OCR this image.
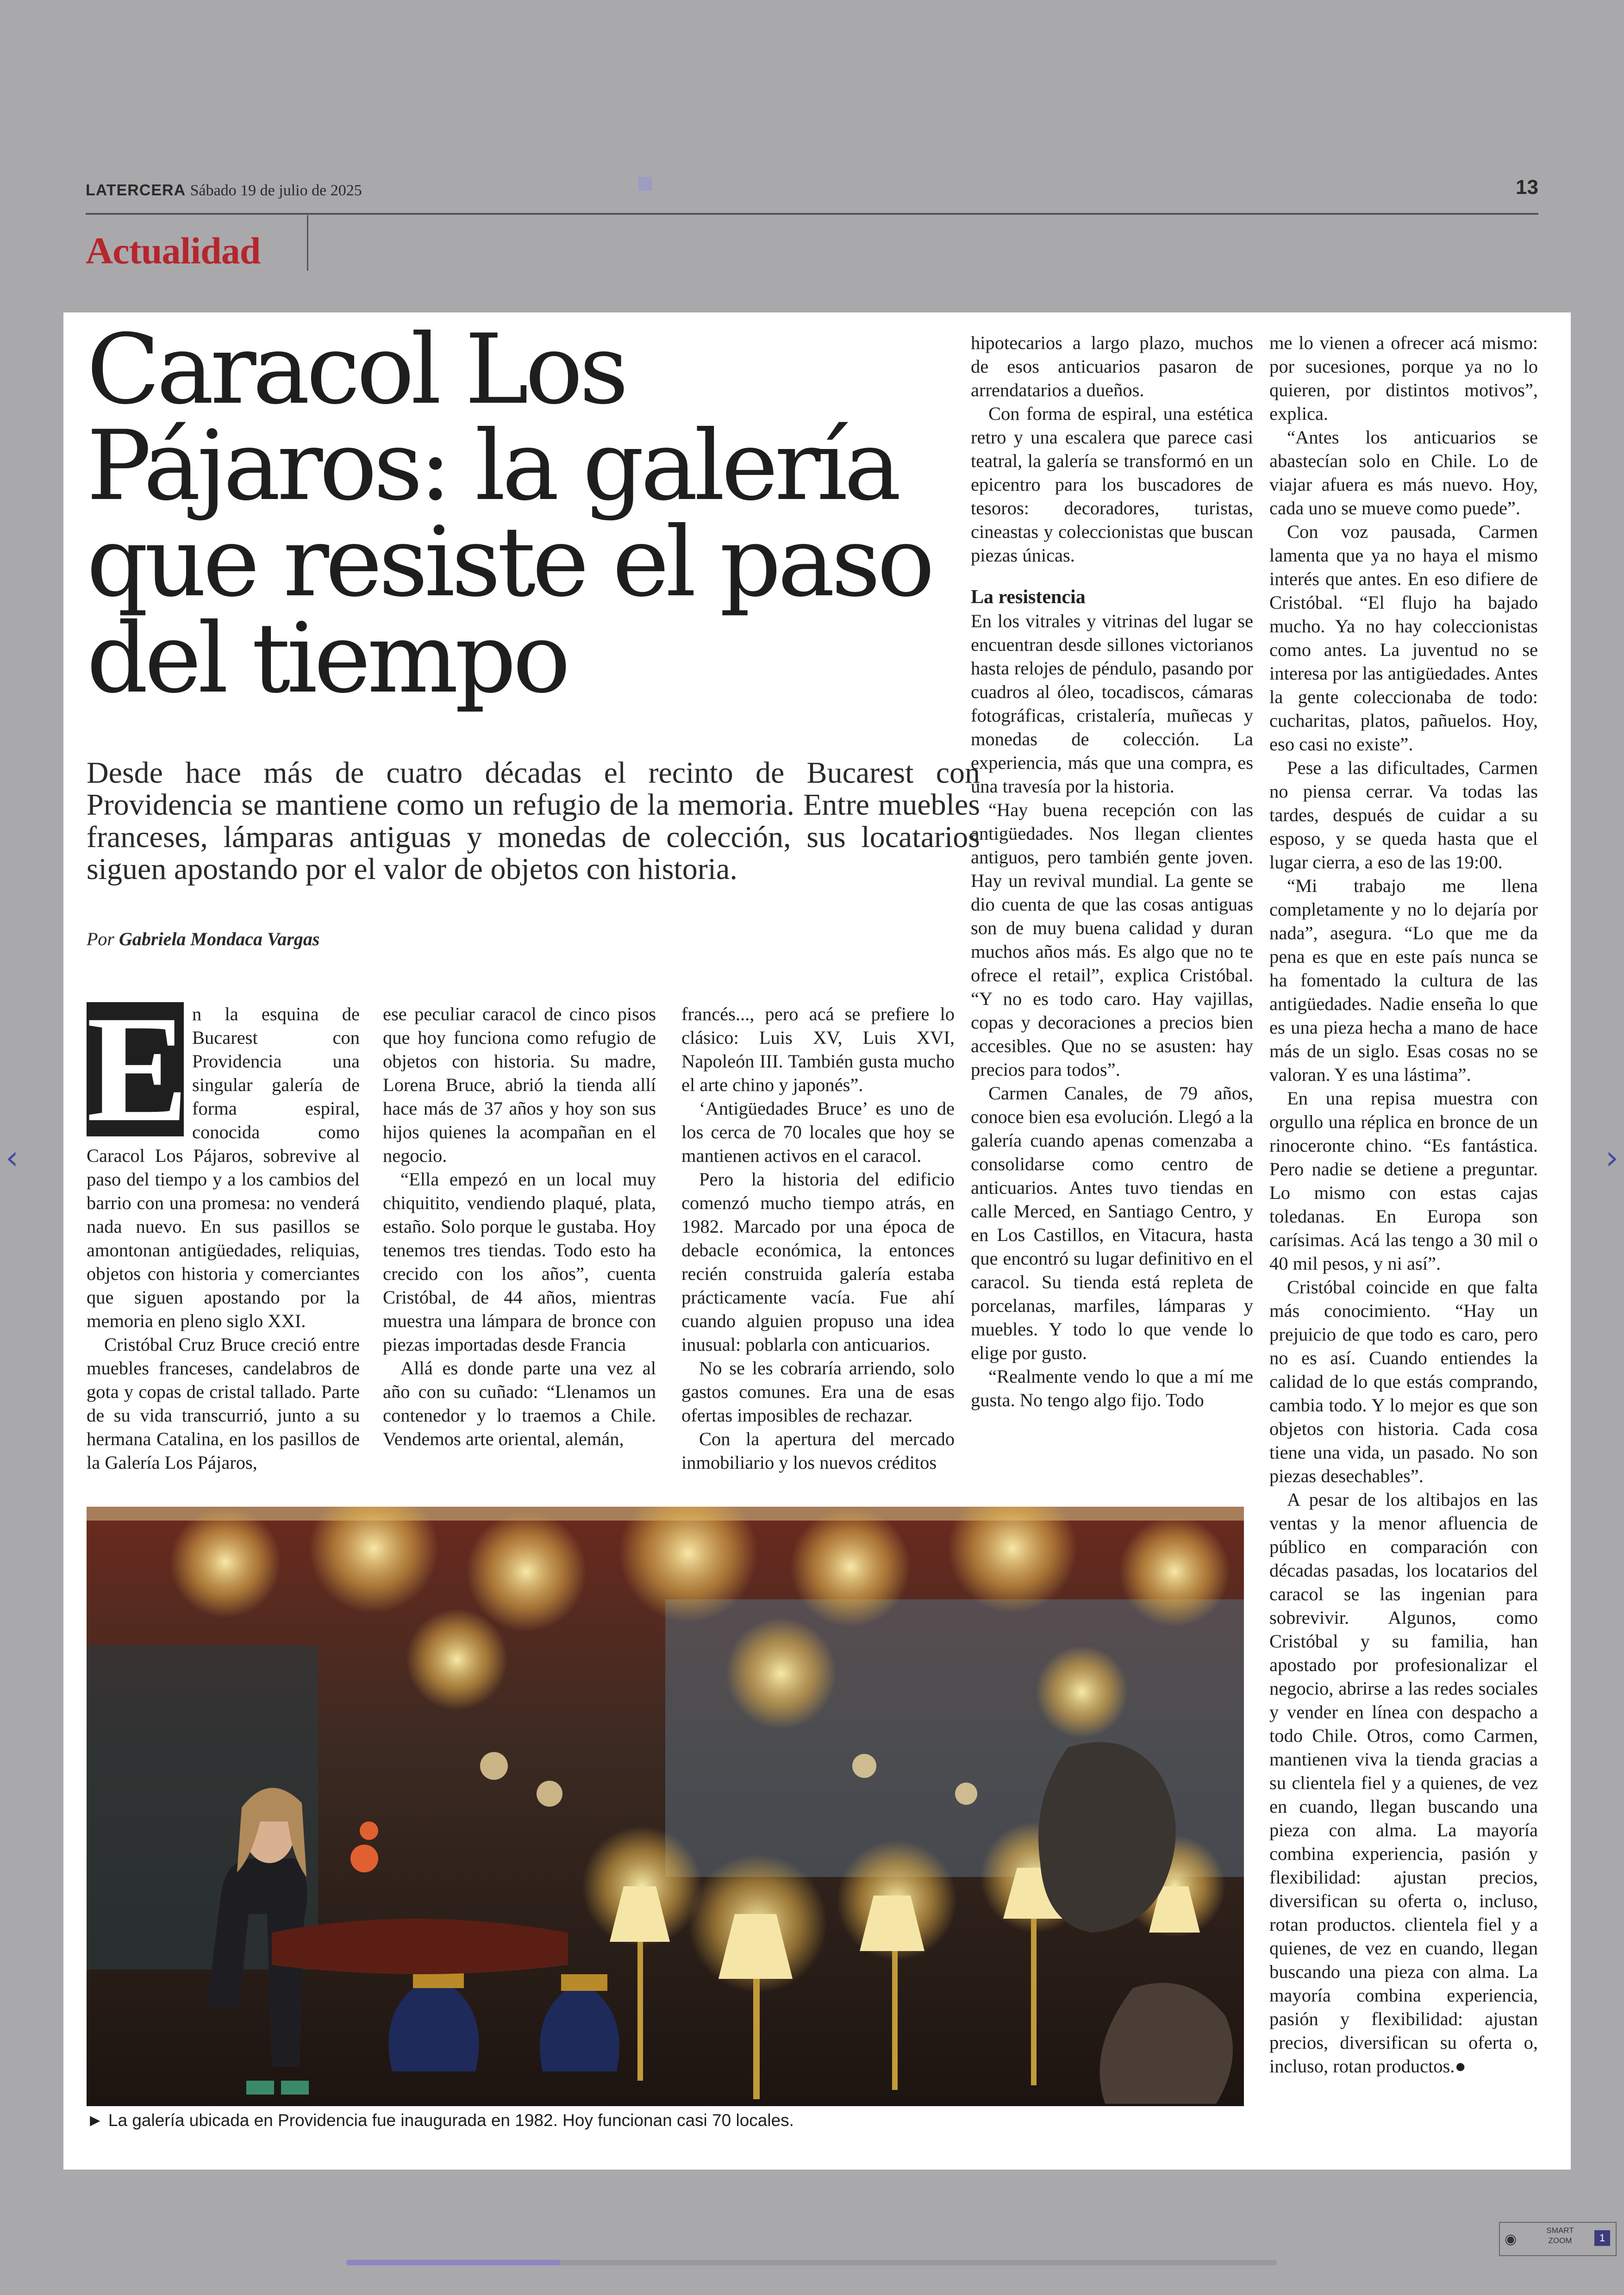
LATERCERA Sábado 19 de julio de 2025	13
Actualidad
Caracol Los Pájaros: la galería que resiste el paso del tiempo

Desde hace más de cuatro décadas el recinto de Bucarest con Providencia se mantiene como un refugio de la memoria. Entre muebles franceses, lámparas antiguas y monedas de colección, sus locatarios siguen apostando por el valor de objetos con historia.

Por Gabriela Mondaca Vargas
E n la esquina de Bucarest con Providencia una singular galería de forma espiral, conocida como Caracol Los Pájaros, sobrevive al paso del tiempo y a los cambios del barrio con una promesa: no venderá nada nuevo. En sus pasillos se amontonan antigüedades, reliquias, objetos con historia y comerciantes que siguen apostando por la memoria en pleno siglo XXI.

Cristóbal Cruz Bruce creció entre muebles franceses, candelabros de gota y copas de cristal tallado. Parte de su vida transcurrió, junto a su hermana Catalina, en los pasillos de la Galería Los Pájaros,

ese peculiar caracol de cinco pisos que hoy funciona como refugio de objetos con historia. Su madre, Lorena Bruce, abrió la tienda allí hace más de 37 años y hoy son sus hijos quienes la acompañan en el negocio.

“Ella empezó en un local muy chiquitito, vendiendo plaqué, plata, estaño. Solo porque le gustaba. Hoy tenemos tres tiendas. Todo esto ha crecido con los años”, cuenta Cristóbal, de 44 años, mientras muestra una lámpara de bronce con piezas importadas desde Francia

Allá es donde parte una vez al año con su cuñado: “Llenamos un contenedor y lo traemos a Chile. Vendemos arte oriental, alemán,

francés..., pero acá se prefiere lo clásico: Luis XV, Luis XVI, Napoleón III. También gusta mucho el arte chino y japonés”.

‘Antigüedades Bruce’ es uno de los cerca de 70 locales que hoy se mantienen activos en el caracol.

Pero la historia del edificio comenzó mucho tiempo atrás, en 1982. Marcado por una época de debacle económica, la entonces recién construida galería estaba prácticamente vacía. Fue ahí cuando alguien propuso una idea inusual: poblarla con anticuarios.

No se les cobraría arriendo, solo gastos comunes. Era una de esas ofertas imposibles de rechazar.

Con la apertura del mercado inmobiliario y los nuevos créditos

hipotecarios a largo plazo, muchos de esos anticuarios pasaron de arrendatarios a dueños.

Con forma de espiral, una estética retro y una escalera que parece casi teatral, la galería se transformó en un epicentro para los buscadores de tesoros: decoradores, turistas, cineastas y coleccionistas que buscan piezas únicas.

La resistencia

En los vitrales y vitrinas del lugar se encuentran desde sillones victorianos hasta relojes de péndulo, pasando por cuadros al óleo, tocadiscos, cámaras fotográficas, cristalería, muñecas y monedas de colección. La experiencia, más que una compra, es una travesía por la historia.

“Hay buena recepción con las antigüedades. Nos llegan clientes antiguos, pero también gente joven. Hay un revival mundial. La gente se dio cuenta de que las cosas antiguas son de muy buena calidad y duran muchos años más. Es algo que no te ofrece el retail”, explica Cristóbal. “Y no es todo caro. Hay vajillas, copas y decoraciones a precios bien accesibles. Que no se asusten: hay precios para todos”.

Carmen Canales, de 79 años, conoce bien esa evolución. Llegó a la galería cuando apenas comenzaba a consolidarse como centro de anticuarios. Antes tuvo tiendas en calle Merced, en Santiago Centro, y en Los Castillos, en Vitacura, hasta que encontró su lugar definitivo en el caracol. Su tienda está repleta de porcelanas, marfiles, lámparas y muebles. Y todo lo que vende lo elige por gusto.

“Realmente vendo lo que a mí me gusta. No tengo algo fijo. Todo

me lo vienen a ofrecer acá mismo: por sucesiones, porque ya no lo quieren, por distintos motivos”, explica.

“Antes los anticuarios se abastecían solo en Chile. Lo de viajar afuera es más nuevo. Hoy, cada uno se mueve como puede”.

Con voz pausada, Carmen lamenta que ya no haya el mismo interés que antes. En eso difiere de Cristóbal. “El flujo ha bajado mucho. Ya no hay coleccionistas como antes. La juventud no se interesa por las antigüedades. Antes la gente coleccionaba de todo: cucharitas, platos, pañuelos. Hoy, eso casi no existe”.

Pese a las dificultades, Carmen no piensa cerrar. Va todas las tardes, después de cuidar a su esposo, y se queda hasta que el lugar cierra, a eso de las 19:00.

“Mi trabajo me llena completamente y no lo dejaría por nada”, asegura. “Lo que me da pena es que en este país nunca se ha fomentado la cultura de las antigüedades. Nadie enseña lo que es una pieza hecha a mano de hace más de un siglo. Esas cosas no se valoran. Y es una lástima”.

En una repisa muestra con orgullo una réplica en bronce de un rinoceronte chino. “Es fantástica. Pero nadie se detiene a preguntar. Lo mismo con estas cajas toledanas. En Europa son carísimas. Acá las tengo a 30 mil o 40 mil pesos, y ni así”.

Cristóbal coincide en que falta más conocimiento. “Hay un prejuicio de que todo es caro, pero no es así. Cuando entiendes la calidad de lo que estás comprando, cambia todo. Y lo mejor es que son objetos con historia. Cada cosa tiene una vida, un pasado. No son piezas desechables”.

A pesar de los altibajos en las ventas y la menor afluencia de público en comparación con décadas pasadas, los locatarios del caracol se las ingenian para sobrevivir. Algunos, como Cristóbal y su familia, han apostado por profesionalizar el negocio, abrirse a las redes sociales y vender en línea con despacho a todo Chile. Otros, como Carmen, mantienen viva la tienda gracias a su clientela fiel y a quienes, de vez en cuando, llegan buscando una pieza con alma. La mayoría combina experiencia, pasión y flexibilidad: ajustan precios, diversifican su oferta o, incluso, rotan productos. clientela fiel y a quienes, de vez en cuando, llegan buscando una pieza con alma. La mayoría combina experiencia, pasión y flexibilidad: ajustan precios, diversifican su oferta o, incluso, rotan productos.●

► La galería ubicada en Providencia fue inaugurada en 1982. Hoy funcionan casi 70 locales.
‹	›
◉
SMART ZOOM	1
